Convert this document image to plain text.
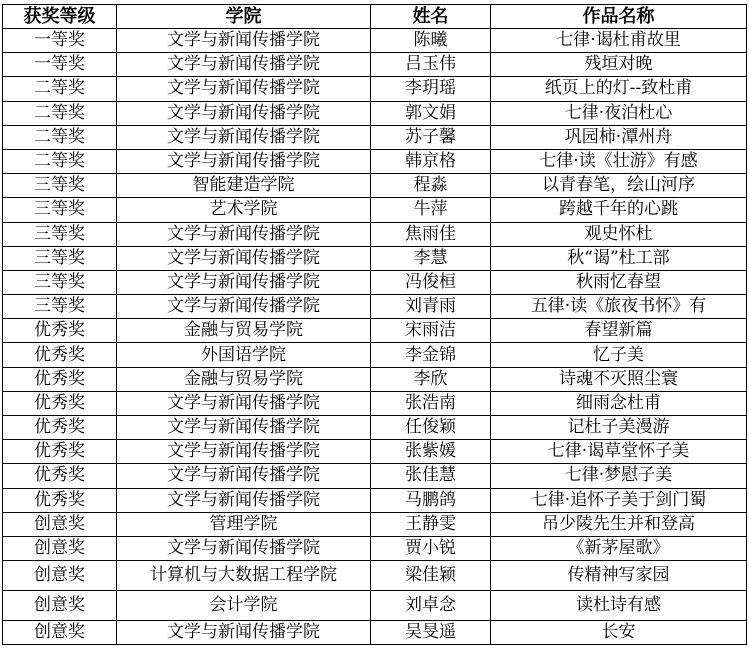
获奖等级	学院	姓名	作品名称
一等奖	文学与新闻传播学院	陈曦	七律·谒杜甫故里
一等奖	文学与新闻传播学院	吕玉伟	残垣对晚
二等奖	文学与新闻传播学院	李玥瑶	纸页上的灯--致杜甫
二等奖	文学与新闻传播学院	郭文娟	七律·夜泊杜心
二等奖	文学与新闻传播学院	苏子馨	巩园柿·潭州舟
二等奖	文学与新闻传播学院	韩京格	七律·读《壮游》有感
三等奖	智能建造学院	程淼	以青春笔，绘山河序
三等奖	艺术学院	牛萍	跨越千年的心跳
三等奖	文学与新闻传播学院	焦雨佳	观史怀杜
三等奖	文学与新闻传播学院	李慧	秋“谒”杜工部
三等奖	文学与新闻传播学院	冯俊桓	秋雨忆春望
三等奖	文学与新闻传播学院	刘青雨	五律·读《旅夜书怀》有
优秀奖	金融与贸易学院	宋雨洁	春望新篇
优秀奖	外国语学院	李金锦	忆子美
优秀奖	金融与贸易学院	李欣	诗魂不灭照尘寰
优秀奖	文学与新闻传播学院	张浩南	细雨念杜甫
优秀奖	文学与新闻传播学院	任俊颖	记杜子美漫游
优秀奖	文学与新闻传播学院	张紫媛	七律·谒草堂怀子美
优秀奖	文学与新闻传播学院	张佳慧	七律·梦慰子美
优秀奖	文学与新闻传播学院	马鹏鸽	七律·追怀子美于剑门蜀
创意奖	管理学院	王静雯	吊少陵先生并和登高
创意奖	文学与新闻传播学院	贾小锐	《新茅屋歌》
创意奖	计算机与大数据工程学院	梁佳颖	传精神写家园
创意奖	会计学院	刘卓念	读杜诗有感
创意奖	文学与新闻传播学院	吴旻遥	长安
